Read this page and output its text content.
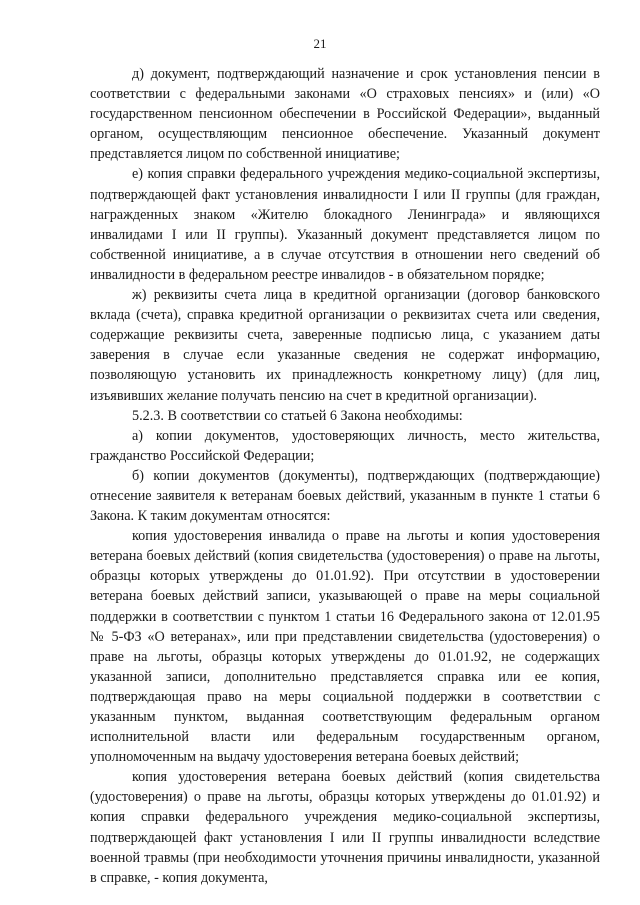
21

д) документ, подтверждающий назначение и срок установления пенсии в соответствии с федеральными законами «О страховых пенсиях» и (или) «О государственном пенсионном обеспечении в Российской Федерации», выданный органом, осуществляющим пенсионное обеспечение. Указанный документ представляется лицом по собственной инициативе;

е) копия справки федерального учреждения медико-социальной экспертизы, подтверждающей факт установления инвалидности I или II группы (для граждан, награжденных знаком «Жителю блокадного Ленинграда» и являющихся инвалидами I или II группы). Указанный документ представляется лицом по собственной инициативе, а в случае отсутствия в отношении него сведений об инвалидности в федеральном реестре инвалидов - в обязательном порядке;

ж) реквизиты счета лица в кредитной организации (договор банковского вклада (счета), справка кредитной организации о реквизитах счета или сведения, содержащие реквизиты счета, заверенные подписью лица, с указанием даты заверения в случае если указанные сведения не содержат информацию, позволяющую установить их принадлежность конкретному лицу) (для лиц, изъявивших желание получать пенсию на счет в кредитной организации).

5.2.3. В соответствии со статьей 6 Закона необходимы:

а) копии документов, удостоверяющих личность, место жительства, гражданство Российской Федерации;

б) копии документов (документы), подтверждающих (подтверждающие) отнесение заявителя к ветеранам боевых действий, указанным в пункте 1 статьи 6 Закона. К таким документам относятся:

копия удостоверения инвалида о праве на льготы и копия удостоверения ветерана боевых действий (копия свидетельства (удостоверения) о праве на льготы, образцы которых утверждены до 01.01.92). При отсутствии в удостоверении ветерана боевых действий записи, указывающей о праве на меры социальной поддержки в соответствии с пунктом 1 статьи 16 Федерального закона от 12.01.95 № 5-ФЗ «О ветеранах», или при представлении свидетельства (удостоверения) о праве на льготы, образцы которых утверждены до 01.01.92, не содержащих указанной записи, дополнительно представляется справка или ее копия, подтверждающая право на меры социальной поддержки в соответствии с указанным пунктом, выданная соответствующим федеральным органом исполнительной власти или федеральным государственным органом, уполномоченным на выдачу удостоверения ветерана боевых действий;

копия удостоверения ветерана боевых действий (копия свидетельства (удостоверения) о праве на льготы, образцы которых утверждены до 01.01.92) и копия справки федерального учреждения медико-социальной экспертизы, подтверждающей факт установления I или II группы инвалидности вследствие военной травмы (при необходимости уточнения причины инвалидности, указанной в справке, - копия документа,
